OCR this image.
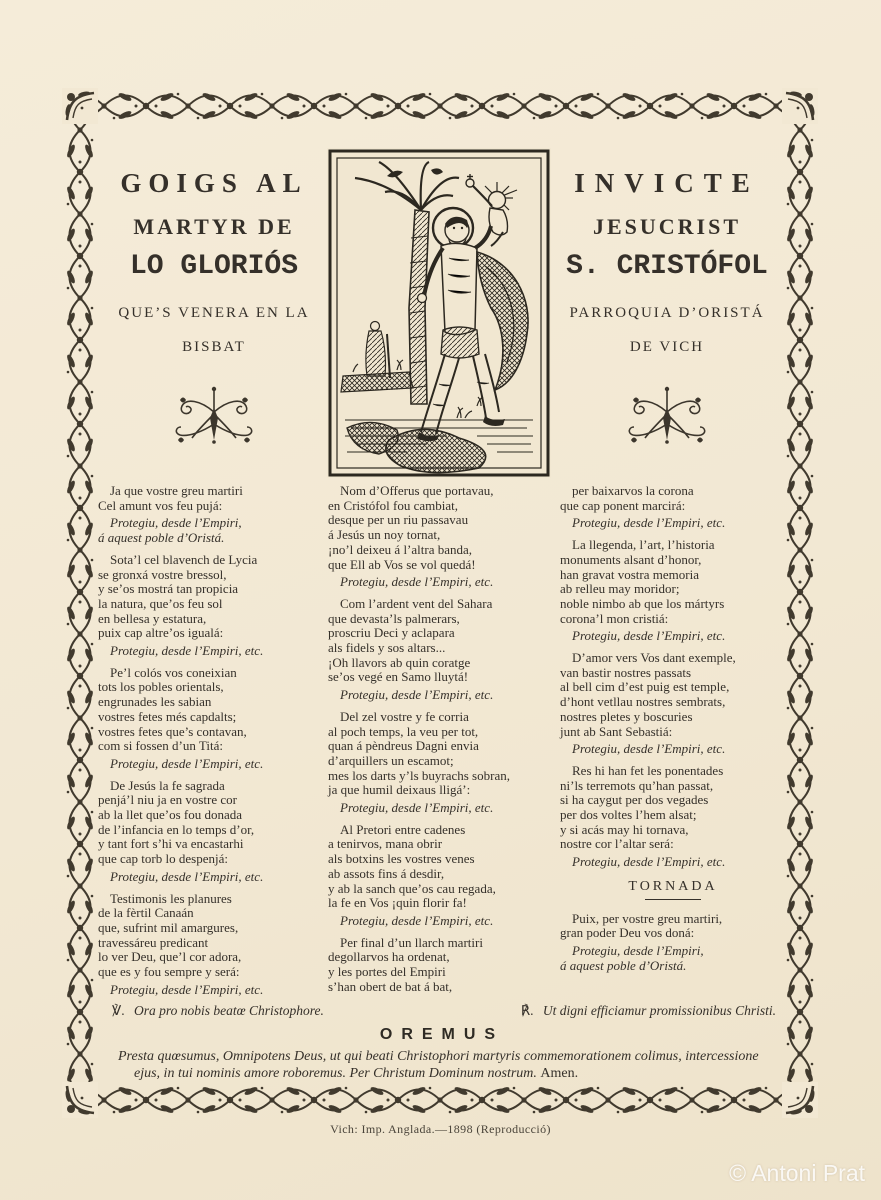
GOIGS AL
MARTYR DE
LO GLORIÓS
QUE’S VENERA EN LA
BISBAT
INVICTE
JESUCRIST
S. CRISTÓFOL
PARROQUIA D’ORISTÁ
DE VICH
Ja que vostre greu martiri
Cel amunt vos feu pujá:
Protegiu, desde l’Empiri,
á aquest poble d’Oristá.
Sota’l cel blavench de Lycia
se gronxá vostre bressol,
y se’os mostrá tan propicia
la natura, que’os feu sol
en bellesa y estatura,
puix cap altre’os igualá:
Protegiu, desde l’Empiri, etc.
Pe’l colós vos coneixian
tots los pobles orientals,
engrunades les sabian
vostres fetes més capdalts;
vostres fetes que’s contavan,
com si fossen d’un Titá:
Protegiu, desde l’Empiri, etc.
De Jesús la fe sagrada
penjá’l niu ja en vostre cor
ab la llet que’os fou donada
de l’infancia en lo temps d’or,
y tant fort s’hi va encastarhi
que cap torb lo despenjá:
Protegiu, desde l’Empiri, etc.
Testimonis les planures
de la fèrtil Canaán
que, sufrint mil amargures,
travessáreu predicant
lo ver Deu, que’l cor adora,
que es y fou sempre y será:
Protegiu, desde l’Empiri, etc.
Nom d’Offerus que portavau,
en Cristófol fou cambiat,
desque per un riu passavau
á Jesús un noy tornat,
¡no’l deixeu á l’altra banda,
que Ell ab Vos se vol quedá!
Protegiu, desde l’Empiri, etc.
Com l’ardent vent del Sahara
que devasta’ls palmerars,
proscriu Deci y aclapara
als fidels y sos altars...
¡Oh llavors ab quin coratge
se’os vegé en Samo lluytá!
Protegiu, desde l’Empiri, etc.
Del zel vostre y fe corria
al poch temps, la veu per tot,
quan á pèndreus Dagni envia
d’arquillers un escamot;
mes los darts y’ls buyrachs sobran,
ja que humil deixaus lligá’:
Protegiu, desde l’Empiri, etc.
Al Pretori entre cadenes
a tenirvos, mana obrir
als botxins les vostres venes
ab assots fins á desdir,
y ab la sanch que’os cau regada,
la fe en Vos ¡quin florir fa!
Protegiu, desde l’Empiri, etc.
Per final d’un llarch martiri
degollarvos ha ordenat,
y les portes del Empiri
s’han obert de bat á bat,
per baixarvos la corona
que cap ponent marcirá:
Protegiu, desde l’Empiri, etc.
La llegenda, l’art, l’historia
monuments alsant d’honor,
han gravat vostra memoria
ab relleu may moridor;
noble nimbo ab que los mártyrs
corona’l mon cristiá:
Protegiu, desde l’Empiri, etc.
D’amor vers Vos dant exemple,
van bastir nostres passats
al bell cim d’est puig est temple,
d’hont vetllau nostres sembrats,
nostres pletes y boscuries
junt ab Sant Sebastiá:
Protegiu, desde l’Empiri, etc.
Res hi han fet les ponentades
ni’ls terremots qu’han passat,
si ha caygut per dos vegades
per dos voltes l’hem alsat;
y si acás may hi tornava,
nostre cor l’altar será:
Protegiu, desde l’Empiri, etc.
TORNADA
Puix, per vostre greu martiri,
gran poder Deu vos doná:
Protegiu, desde l’Empiri,
á aquest poble d’Oristá.
℣. Ora pro nobis beatœ Christophore.	℟. Ut digni efficiamur promissionibus Christi.
OREMUS
Presta quœsumus, Omnipotens Deus, ut qui beati Christophori martyris commemorationem colimus, intercessione
ejus, in tui nominis amore roboremus. Per Christum Dominum nostrum. Amen.
Vich: Imp. Anglada.—1898 (Reproducció)
© Antoni Prat
